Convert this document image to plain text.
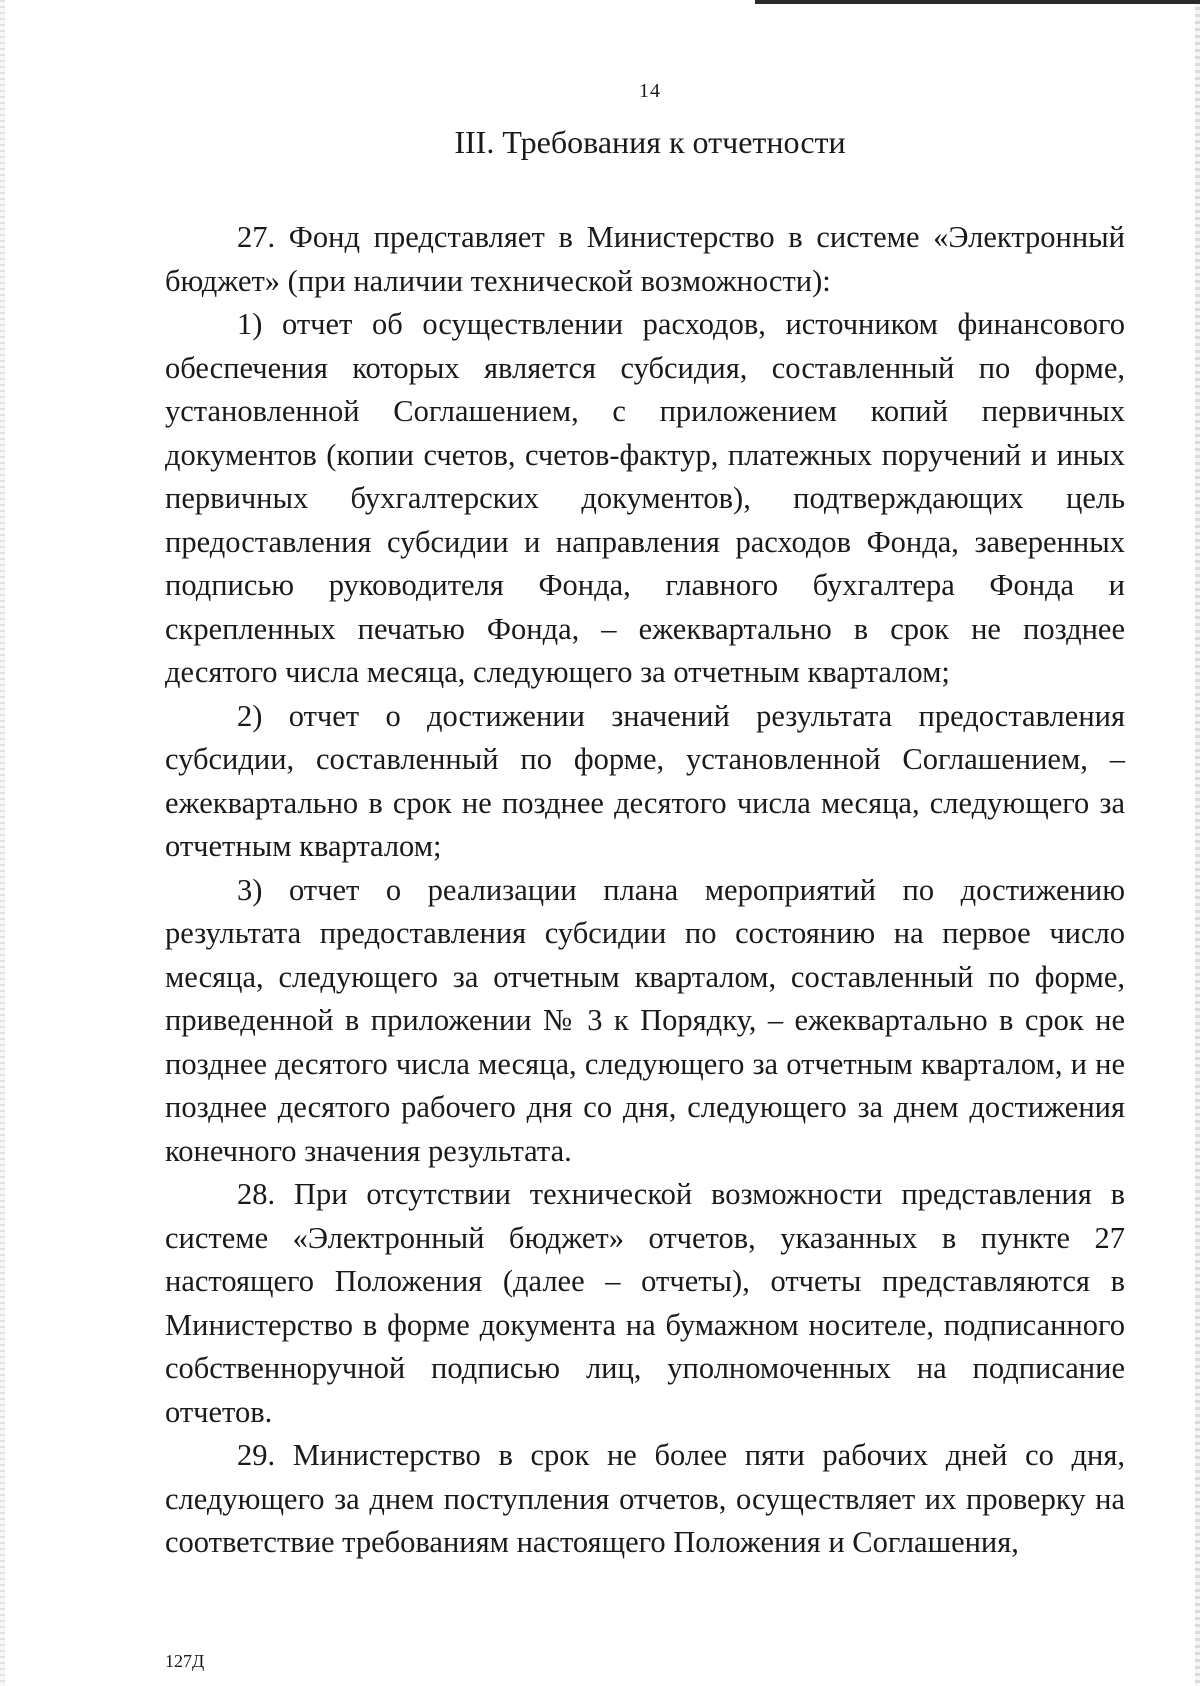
14
III. Требования к отчетности

27. Фонд представляет в Министерство в системе «Электронный бюджет» (при наличии технической возможности):

1) отчет об осуществлении расходов, источником финансового обеспечения которых является субсидия, составленный по форме, установленной Соглашением, с приложением копий первичных документов (копии счетов, счетов-фактур, платежных поручений и иных первичных бухгалтерских документов), подтверждающих цель предоставления субсидии и направления расходов Фонда, заверенных подписью руководителя Фонда, главного бухгалтера Фонда и скрепленных печатью Фонда, – ежеквартально в срок не позднее десятого числа месяца, следующего за отчетным кварталом;

2) отчет о достижении значений результата предоставления субсидии, составленный по форме, установленной Соглашением, – ежеквартально в срок не позднее десятого числа месяца, следующего за отчетным кварталом;

3) отчет о реализации плана мероприятий по достижению результата предоставления субсидии по состоянию на первое число месяца, следующего за отчетным кварталом, составленный по форме, приведенной в приложении № 3 к Порядку, – ежеквартально в срок не позднее десятого числа месяца, следующего за отчетным кварталом, и не позднее десятого рабочего дня со дня, следующего за днем достижения конечного значения результата.

28. При отсутствии технической возможности представления в системе «Электронный бюджет» отчетов, указанных в пункте 27 настоящего Положения (далее – отчеты), отчеты представляются в Министерство в форме документа на бумажном носителе, подписанного собственноручной подписью лиц, уполномоченных на подписание отчетов.

29. Министерство в срок не более пяти рабочих дней со дня, следующего за днем поступления отчетов, осуществляет их проверку на соответствие требованиям настоящего Положения и Соглашения,

127Д
